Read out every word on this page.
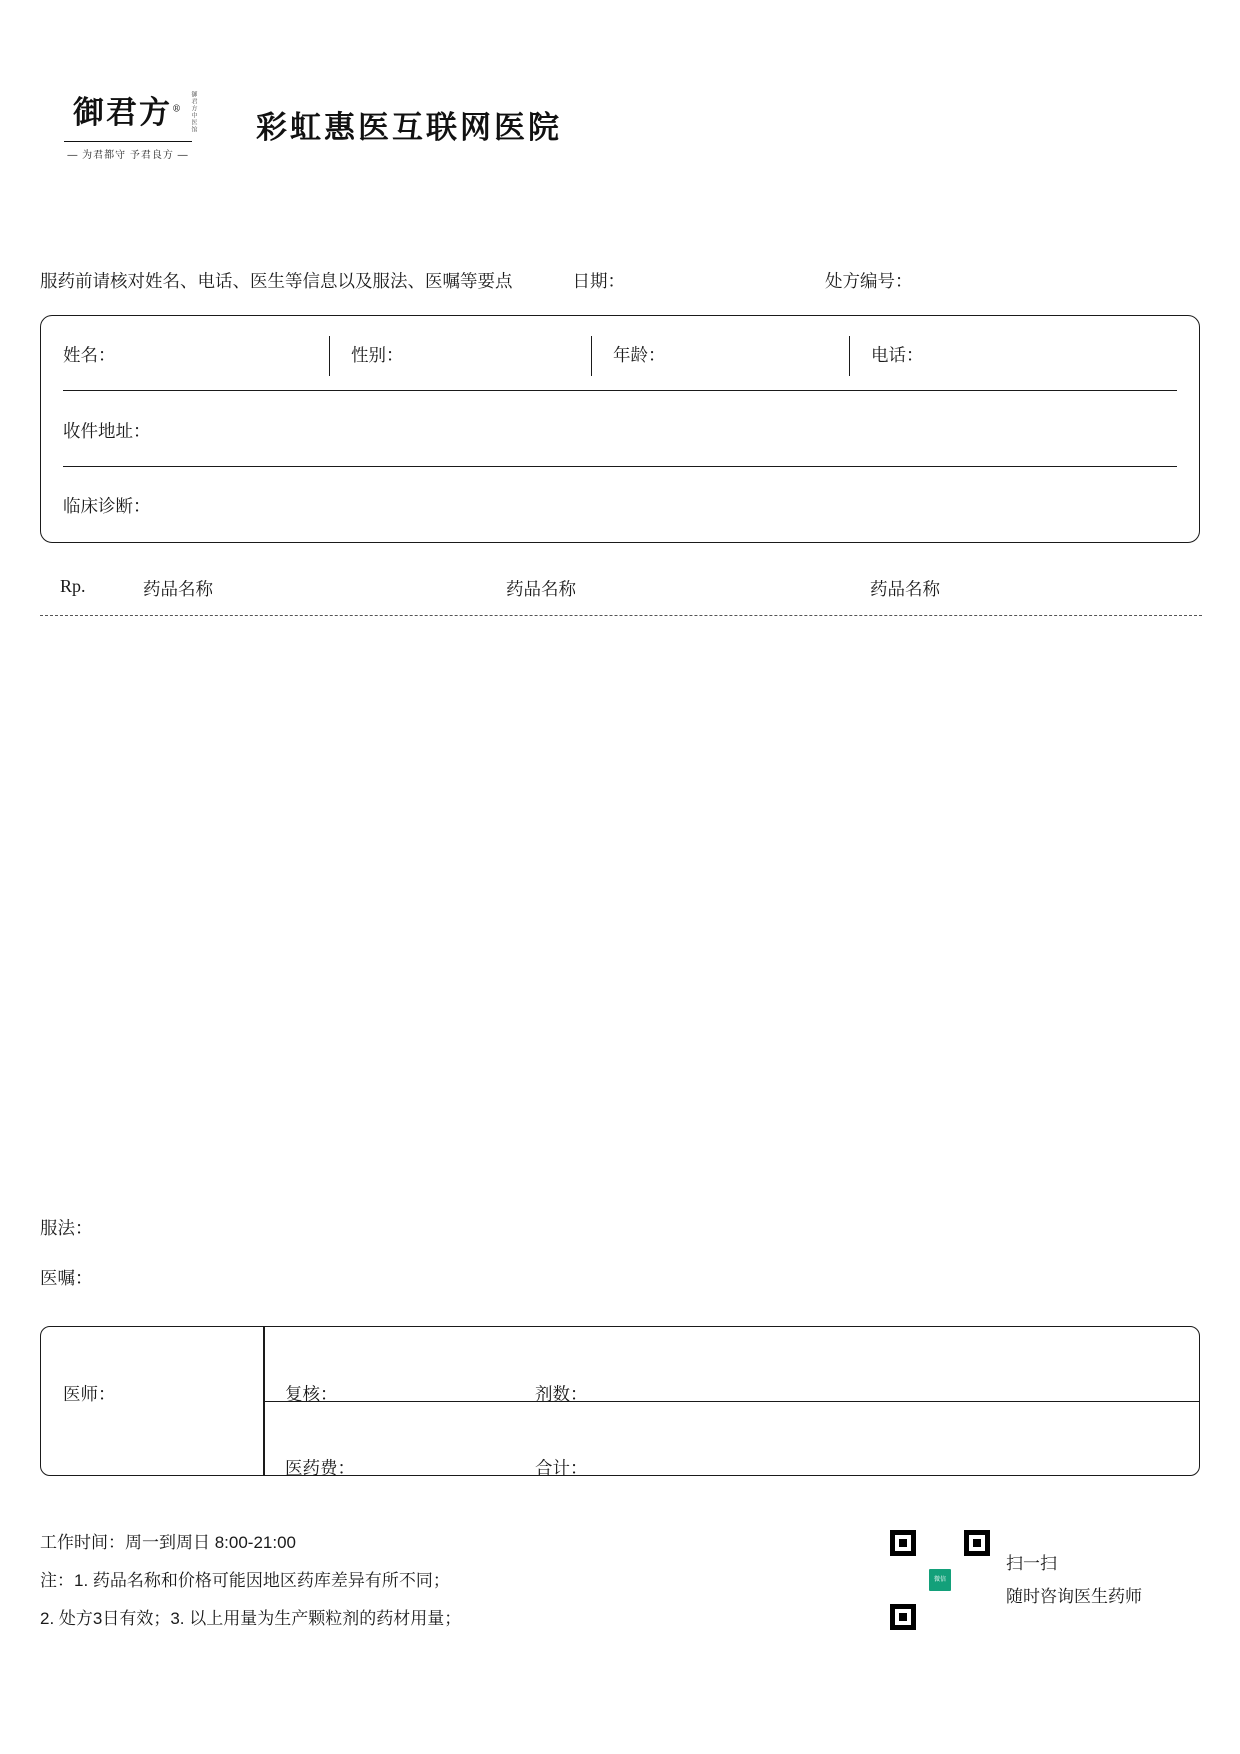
御君方®
— 为君都守 予君良方 —
御君方中医馆 彩虹惠医互联网医院
服药前请核对姓名、电话、医生等信息以及服法、医嘱等要点	日期：	处方编号：
姓名：	性别：	年龄：	电话：
收件地址：
临床诊断：
Rp.	药品名称	药品名称	药品名称
服法：
医嘱：
医师：	复核：	剂数：
医药费：	合计：
工作时间：周一到周日 8:00-21:00
注：1. 药品名称和价格可能因地区药库差异有所不同；
2. 处方3日有效；3. 以上用量为生产颗粒剂的药材用量；
微信
扫一扫
随时咨询医生药师
